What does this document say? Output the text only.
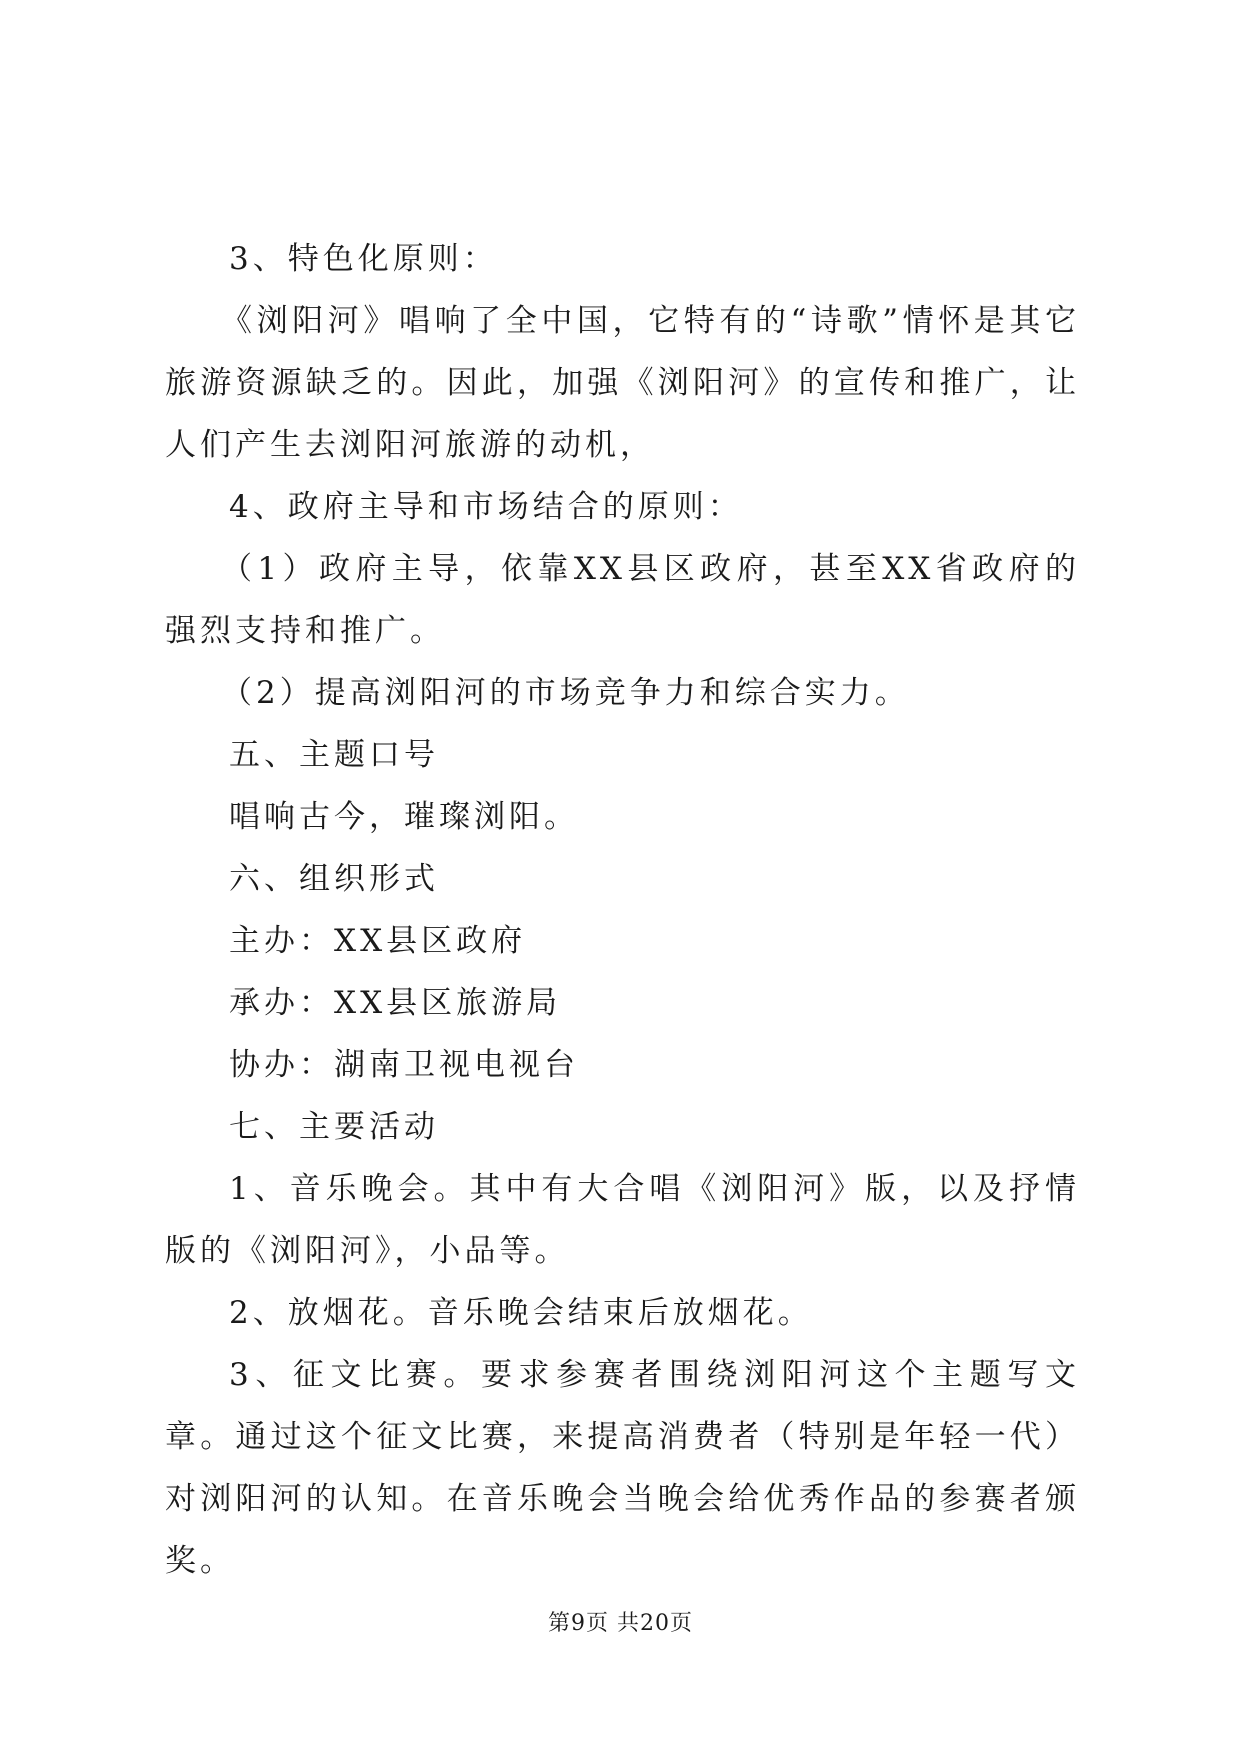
3、特色化原则：

《浏阳河》唱响了全中国，它特有的“诗歌”情怀是其它旅游资源缺乏的。因此，加强《浏阳河》的宣传和推广，让人们产生去浏阳河旅游的动机，

4、政府主导和市场结合的原则：

（1）政府主导，依靠XX县区政府，甚至XX省政府的强烈支持和推广。

（2）提高浏阳河的市场竞争力和综合实力。

五、主题口号

唱响古今，璀璨浏阳。

六、组织形式

主办：XX县区政府

承办：XX县区旅游局

协办：湖南卫视电视台

七、主要活动

1、音乐晚会。其中有大合唱《浏阳河》版，以及抒情版的《浏阳河》，小品等。

2、放烟花。音乐晚会结束后放烟花。

3、征文比赛。要求参赛者围绕浏阳河这个主题写文章。通过这个征文比赛，来提高消费者（特别是年轻一代）对浏阳河的认知。在音乐晚会当晚会给优秀作品的参赛者颁奖。

第9页 共20页
